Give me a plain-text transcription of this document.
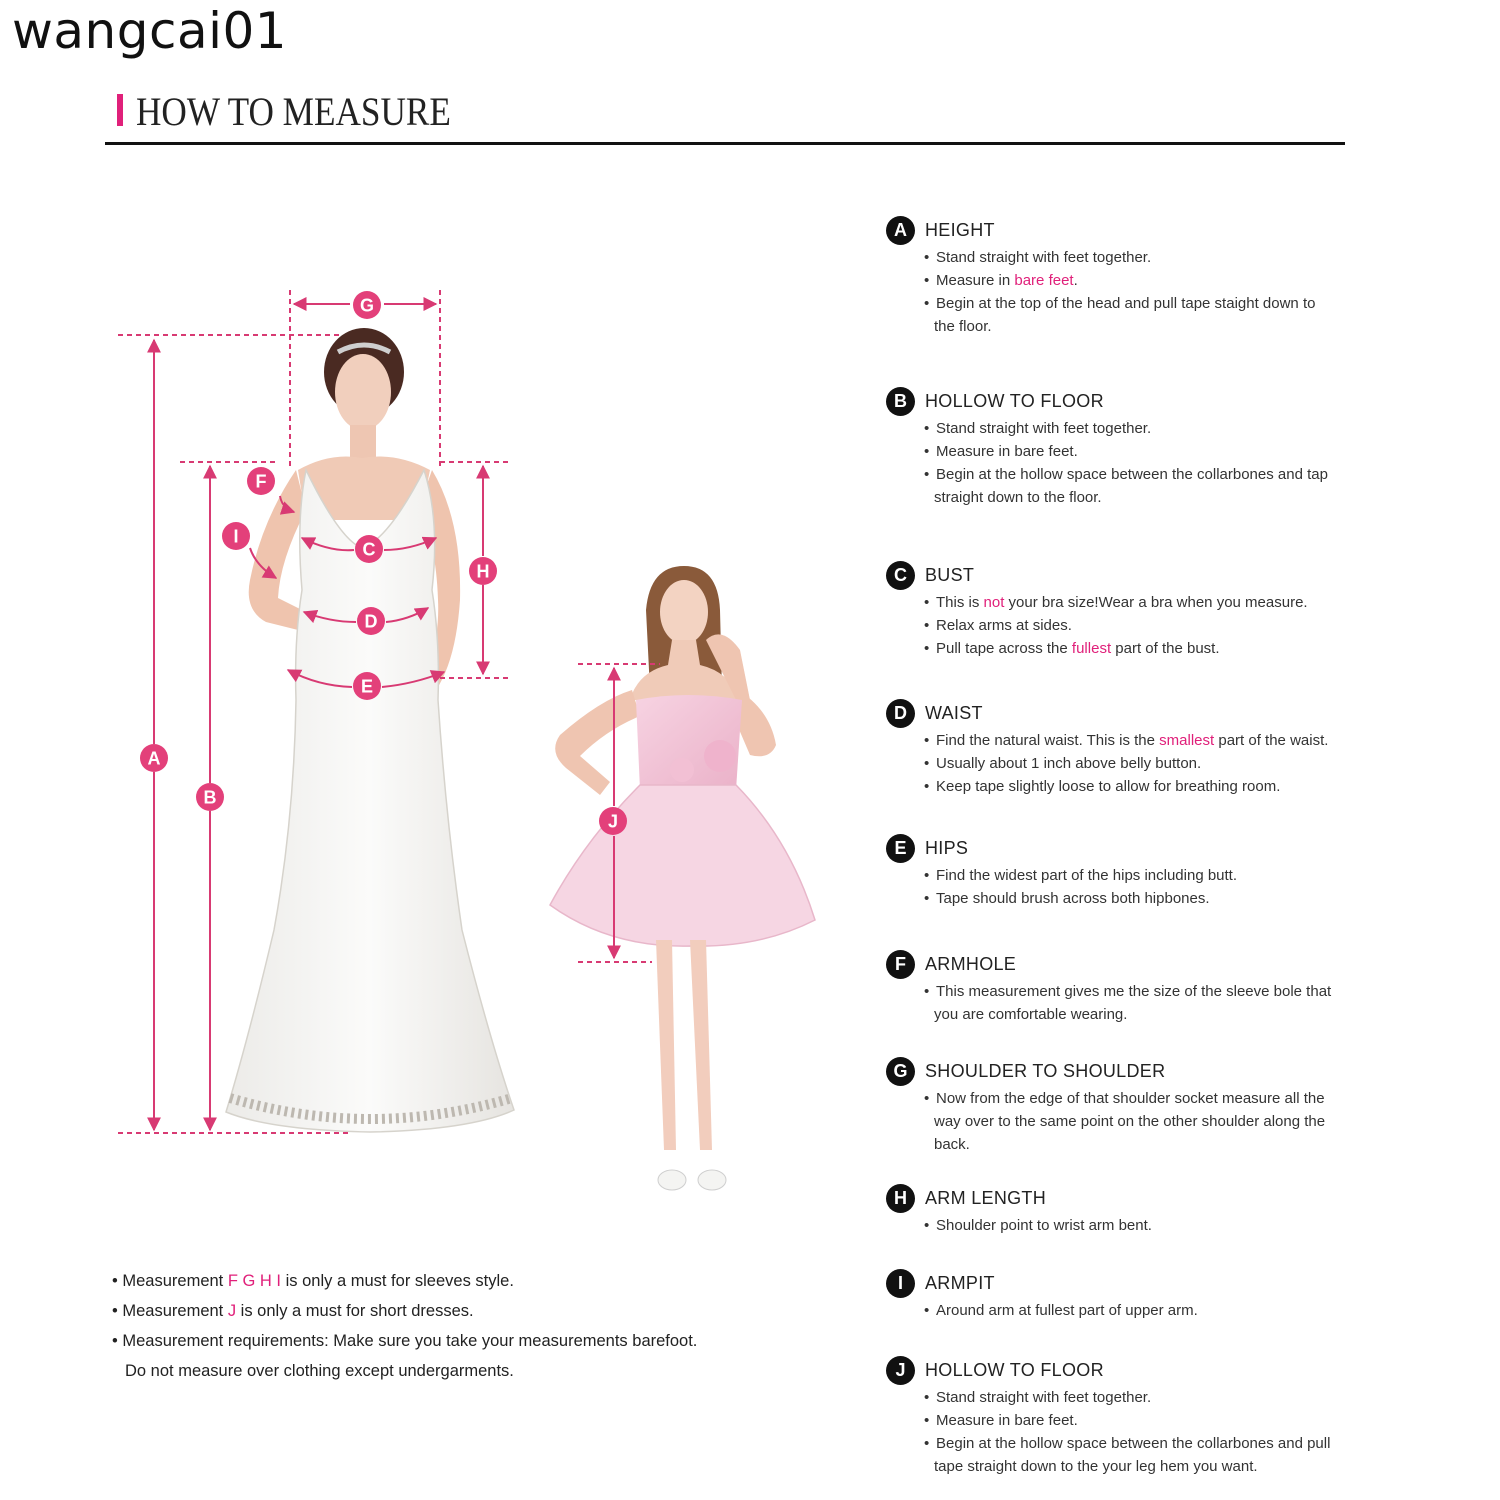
wangcai01
HOW TO MEASURE
A
B
C
D
E
F
G
H
I
J
A	HEIGHT
• Stand straight with feet together.
• Measure in bare feet.
• Begin at the top of the head and pull tape staight down to
the floor.
B	HOLLOW TO FLOOR
• Stand straight with feet together.
• Measure in bare feet.
• Begin at the hollow space between the collarbones and tap
straight down to the floor.
C	BUST
• This is not your bra size!Wear a bra when you measure.
• Relax arms at sides.
• Pull tape across the fullest part of the bust.
D	WAIST
• Find the natural waist. This is the smallest part of the waist.
• Usually about 1 inch above belly button.
• Keep tape slightly loose to allow for breathing room.
E	HIPS
• Find the widest part of the hips including butt.
• Tape should brush across both hipbones.
F	ARMHOLE
• This measurement gives me the size of the sleeve bole that
you are comfortable wearing.
G SHOULDER TO SHOULDER
• Now from the edge of that shoulder socket measure all the
way over to the same point on the other shoulder along the
back.
H	ARM LENGTH
• Shoulder point to wrist arm bent.
I	ARMPIT
• Around arm at fullest part of upper arm.
J	HOLLOW TO FLOOR
• Stand straight with feet together.
• Measure in bare feet.
• Begin at the hollow space between the collarbones and pull
tape straight down to the your leg hem you want.
• Measurement F G H I is only a must for sleeves style.
• Measurement J is only a must for short dresses.
• Measurement requirements: Make sure you take your measurements barefoot.
Do not measure over clothing except undergarments.
